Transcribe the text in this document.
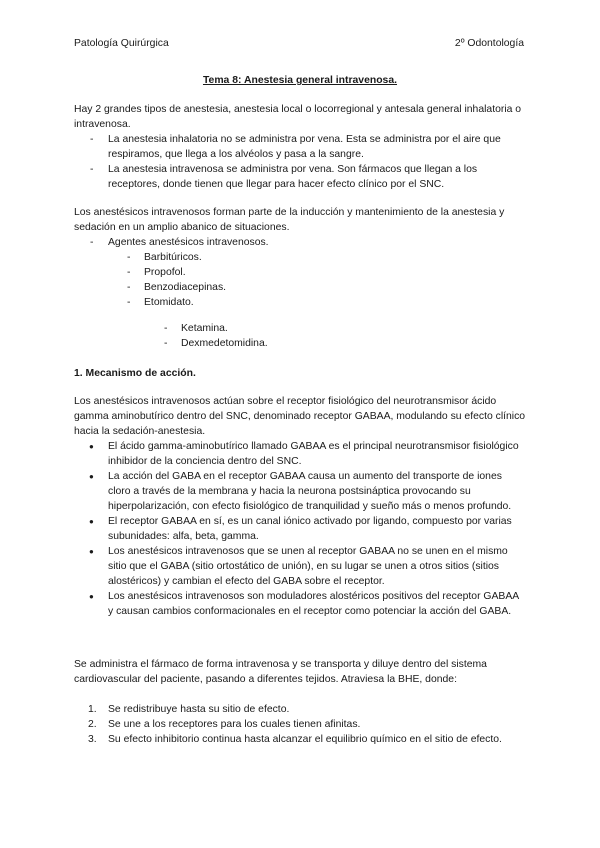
Patología Quirúrgica	2º Odontología
Tema 8: Anestesia general intravenosa.

Hay 2 grandes tipos de anestesia, anestesia local o locorregional y antesala general inhalatoria o intravenosa.

- La anestesia inhalatoria no se administra por vena. Esta se administra por el aire que respiramos, que llega a los alvéolos y pasa a la sangre.
- La anestesia intravenosa se administra por vena. Son fármacos que llegan a los receptores, donde tienen que llegar para hacer efecto clínico por el SNC.

Los anestésicos intravenosos forman parte de la inducción y mantenimiento de la anestesia y sedación en un amplio abanico de situaciones.

- Agentes anestésicos intravenosos.
- Barbitúricos.
- Propofol.
- Benzodiacepinas.
- Etomidato.
- Ketamina.
- Dexmedetomidina.
1. Mecanismo de acción.

Los anestésicos intravenosos actúan sobre el receptor fisiológico del neurotransmisor ácido gamma aminobutírico dentro del SNC, denominado receptor GABAA, modulando su efecto clínico hacia la sedación-anestesia.

● El ácido gamma-aminobutírico llamado GABAA es el principal neurotransmisor fisiológico inhibidor de la conciencia dentro del SNC.
● La acción del GABA en el receptor GABAA causa un aumento del transporte de iones cloro a través de la membrana y hacia la neurona postsináptica provocando su hiperpolarización, con efecto fisiológico de tranquilidad y sueño más o menos profundo.
● El receptor GABAA en sí, es un canal iónico activado por ligando, compuesto por varias subunidades: alfa, beta, gamma.
● Los anestésicos intravenosos que se unen al receptor GABAA no se unen en el mismo sitio que el GABA (sitio ortostático de unión), en su lugar se unen a otros sitios (sitios alostéricos) y cambian el efecto del GABA sobre el receptor.
● Los anestésicos intravenosos son moduladores alostéricos positivos del receptor GABAA y causan cambios conformacionales en el receptor como potenciar la acción del GABA.

Se administra el fármaco de forma intravenosa y se transporta y diluye dentro del sistema cardiovascular del paciente, pasando a diferentes tejidos. Atraviesa la BHE, donde:

1. Se redistribuye hasta su sitio de efecto.
2. Se une a los receptores para los cuales tienen afinitas.
3. Su efecto inhibitorio continua hasta alcanzar el equilibrio químico en el sitio de efecto.
